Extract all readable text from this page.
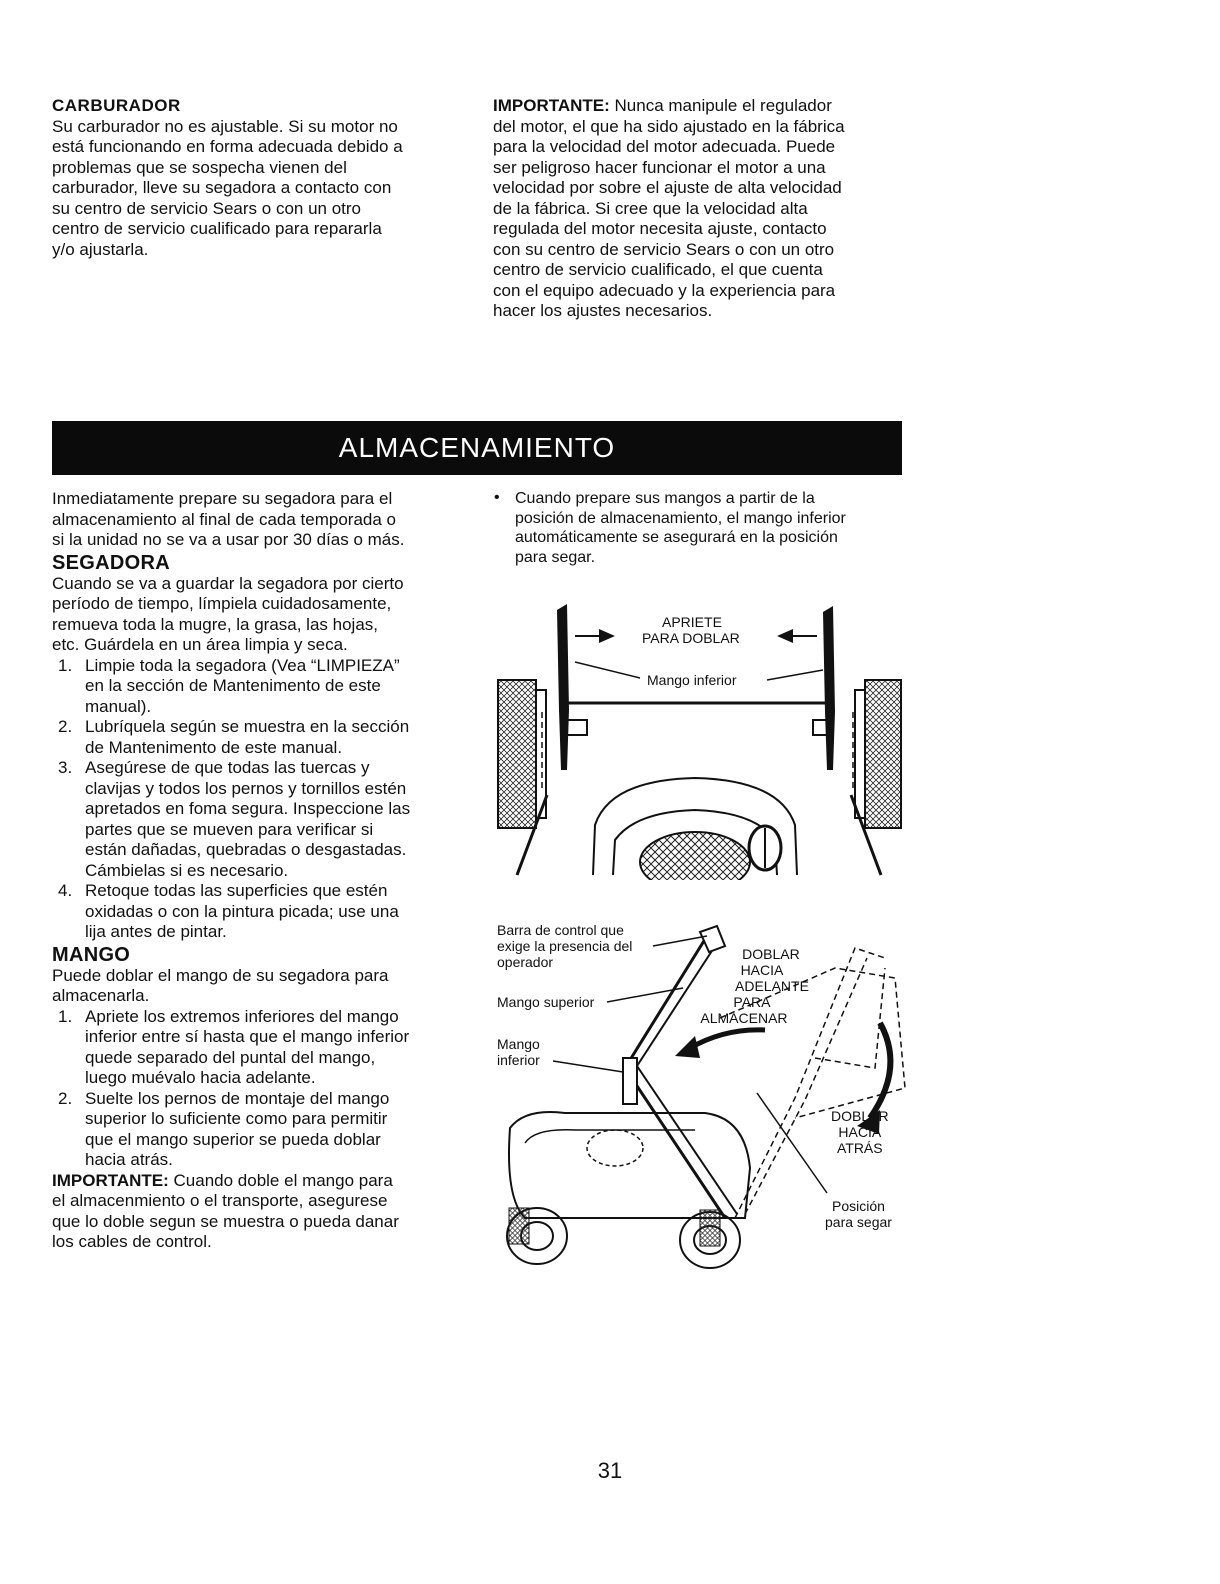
CARBURADOR
Su carburador no es ajustable. Si su motor no
está funcionando en forma adecuada debido a
problemas que se sospecha vienen del
carburador, lleve su segadora a contacto con
su centro de servicio Sears o con un otro
centro de servicio cualificado para repararla
y/o ajustarla.
IMPORTANTE: Nunca manipule el regulador
del motor, el que ha sido ajustado en la fábrica
para la velocidad del motor adecuada. Puede
ser peligroso hacer funcionar el motor a una
velocidad por sobre el ajuste de alta velocidad
de la fábrica. Si cree que la velocidad alta
regulada del motor necesita ajuste, contacto
con su centro de servicio Sears o con un otro
centro de servicio cualificado, el que cuenta
con el equipo adecuado y la experiencia para
hacer los ajustes necesarios.
ALMACENAMIENTO
Inmediatamente prepare su segadora para el
almacenamiento al final de cada temporada o
si la unidad no se va a usar por 30 días o más.
SEGADORA
Cuando se va a guardar la segadora por cierto
período de tiempo, límpiela cuidadosamente,
remueva toda la mugre, la grasa, las hojas,
etc. Guárdela en un área limpia y seca.
1. Limpie toda la segadora (Vea “LIMPIEZA”
en la sección de Mantenimento de este
manual).
2. Lubríquela según se muestra en la sección
de Mantenimento de este manual.
3. Asegúrese de que todas las tuercas y
clavijas y todos los pernos y tornillos estén
apretados en foma segura. Inspeccione las
partes que se mueven para verificar si
están dañadas, quebradas o desgastadas.
Cámbielas si es necesario.
4. Retoque todas las superficies que estén
oxidadas o con la pintura picada; use una
lija antes de pintar.
MANGO
Puede doblar el mango de su segadora para
almacenarla.
1. Apriete los extremos inferiores del mango
inferior entre sí hasta que el mango inferior
quede separado del puntal del mango,
luego muévalo hacia adelante.
2. Suelte los pernos de montaje del mango
superior lo suficiente como para permitir
que el mango superior se pueda doblar
hacia atrás.
IMPORTANTE: Cuando doble el mango para
el almacenmiento o el transporte, asegurese
que lo doble segun se muestra o pueda danar
los cables de control.
• Cuando prepare sus mangos a partir de la
posición de almacenamiento, el mango inferior
automáticamente se asegurará en la posición
para segar.
APRIETE
PARA DOBLAR
Mango inferior
Barra de control que
exige la presencia del
operador
Mango superior
Mango
inferior
DOBLAR
HACIA
ADELANTE
PARA
ALMACENAR
DOBLAR
HACIA
ATRÁS
Posición
para segar
31
